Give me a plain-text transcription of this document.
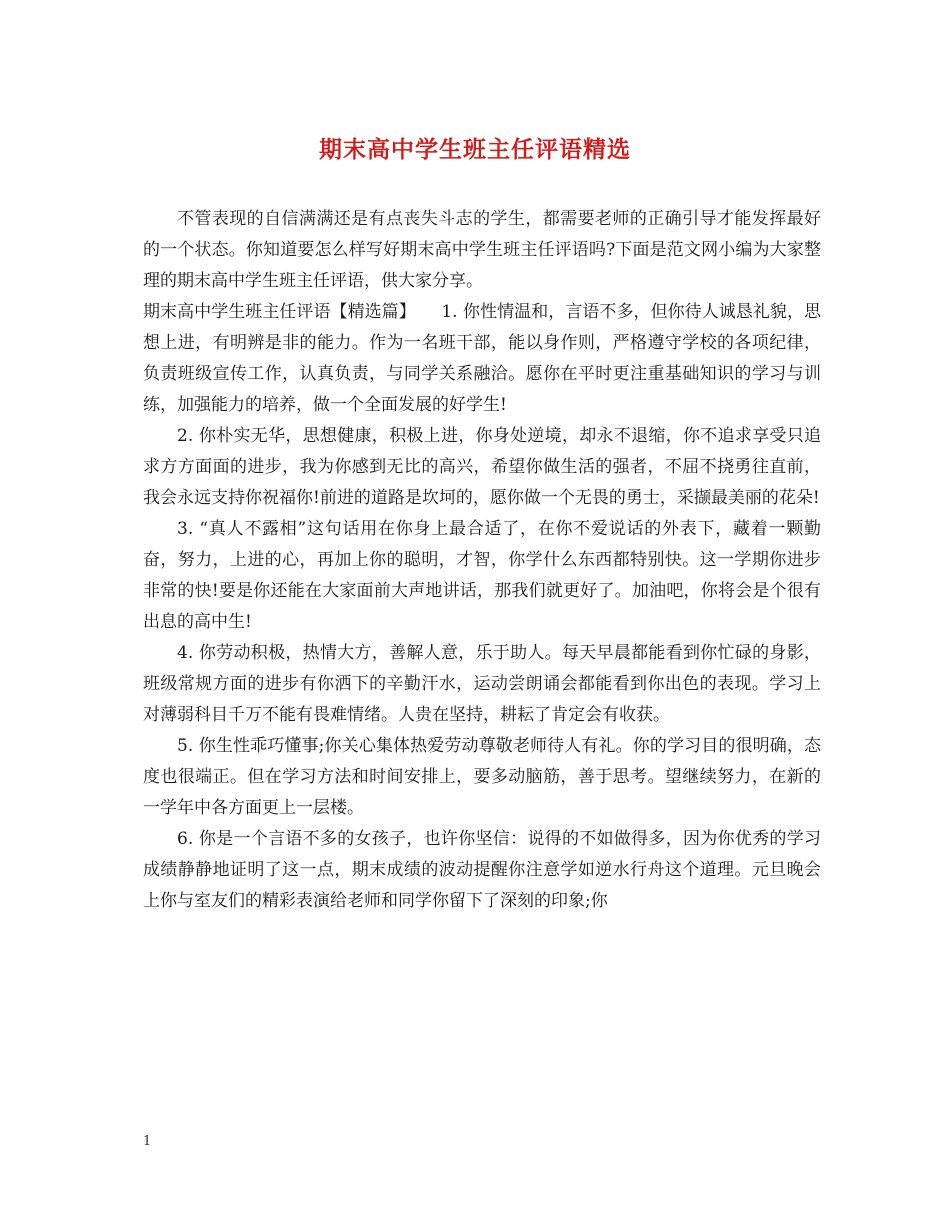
期末高中学生班主任评语精选

不管表现的自信满满还是有点丧失斗志的学生，都需要老师的正确引导才能发挥最好的一个状态。你知道要怎么样写好期末高中学生班主任评语吗?下面是范文网小编为大家整理的期末高中学生班主任评语，供大家分享。

期末高中学生班主任评语【精选篇】　　1. 你性情温和，言语不多，但你待人诚恳礼貌，思想上进，有明辨是非的能力。作为一名班干部，能以身作则，严格遵守学校的各项纪律，负责班级宣传工作，认真负责，与同学关系融洽。愿你在平时更注重基础知识的学习与训练，加强能力的培养，做一个全面发展的好学生!

2. 你朴实无华，思想健康，积极上进，你身处逆境，却永不退缩，你不追求享受只追求方方面面的进步，我为你感到无比的高兴，希望你做生活的强者，不屈不挠勇往直前，我会永远支持你祝福你!前进的道路是坎坷的，愿你做一个无畏的勇士，采撷最美丽的花朵!

3. “真人不露相”这句话用在你身上最合适了，在你不爱说话的外表下，藏着一颗勤奋，努力，上进的心，再加上你的聪明，才智，你学什么东西都特别快。这一学期你进步非常的快!要是你还能在大家面前大声地讲话，那我们就更好了。加油吧，你将会是个很有出息的高中生!

4. 你劳动积极，热情大方，善解人意，乐于助人。每天早晨都能看到你忙碌的身影，班级常规方面的进步有你洒下的辛勤汗水，运动尝朗诵会都能看到你出色的表现。学习上对薄弱科目千万不能有畏难情绪。人贵在坚持，耕耘了肯定会有收获。

5. 你生性乖巧懂事;你关心集体热爱劳动尊敬老师待人有礼。你的学习目的很明确，态度也很端正。但在学习方法和时间安排上，要多动脑筋，善于思考。望继续努力，在新的一学年中各方面更上一层楼。

6. 你是一个言语不多的女孩子，也许你坚信：说得的不如做得多，因为你优秀的学习成绩静静地证明了这一点，期末成绩的波动提醒你注意学如逆水行舟这个道理。元旦晚会上你与室友们的精彩表演给老师和同学你留下了深刻的印象;你

1
